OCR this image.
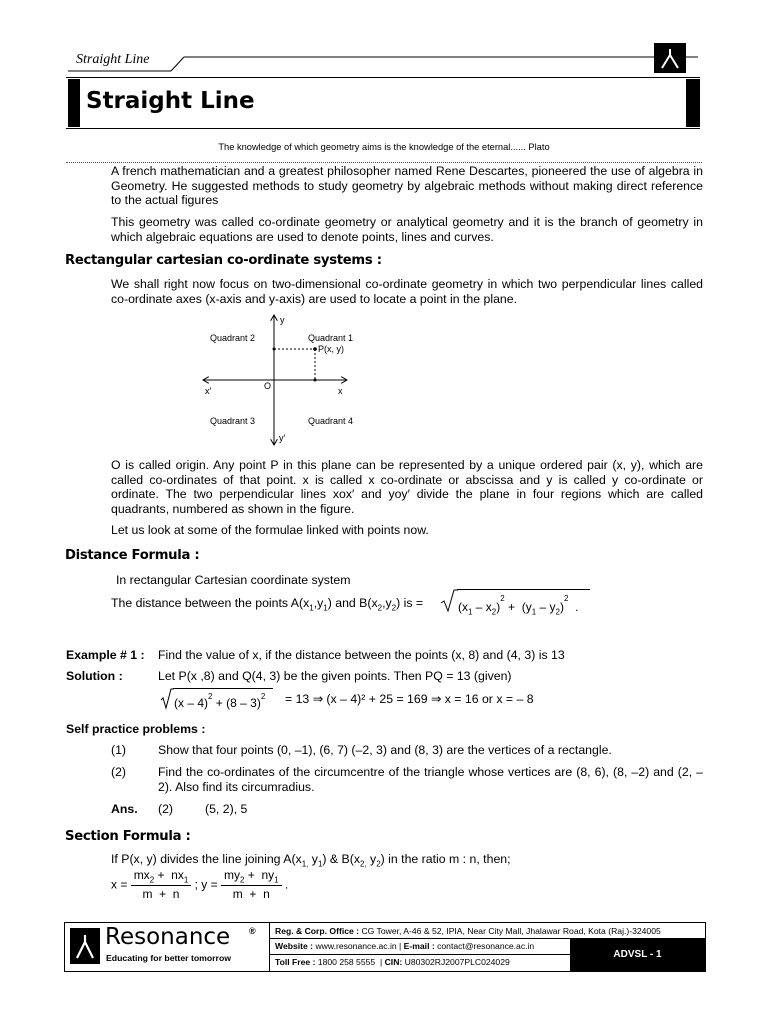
Straight Line
Straight Line
The knowledge of which geometry aims is the knowledge of the eternal...... Plato
A french mathematician and a greatest philosopher named Rene Descartes, pioneered the use of algebra in Geometry. He suggested methods to study geometry by algebraic methods without making direct reference to the actual figures
This geometry was called co-ordinate geometry or analytical geometry and it is the branch of geometry in which algebraic equations are used to denote points, lines and curves.
Rectangular cartesian co-ordinate systems :
We shall right now focus on two-dimensional co-ordinate geometry in which two perpendicular lines called co-ordinate axes (x-axis and y-axis) are used to locate a point in the plane.
Quadrant 2	Quadrant 1
P(x, y)
y
O
x′	x
Quadrant 3	Quadrant 4
y′
O is called origin. Any point P in this plane can be represented by a unique ordered pair (x, y), which are called co-ordinates of that point. x is called x co-ordinate or abscissa and y is called y co-ordinate or ordinate. The two perpendicular lines xox′ and yoy′ divide the plane in four regions which are called quadrants, numbered as shown in the figure.
Let us look at some of the formulae linked with points now.
Distance Formula :
In rectangular Cartesian coordinate system
The distance between the points $A(x_1,y_1)$ and $B(x_2,y_2)$ is =	$(x_1 - x_2)^2 + (y_1 - y_2)^2$  .
Example # 1 : Find the value of x, if the distance between the points (x, 8) and (4, 3) is 13
Solution :	Let P(x ,8) and Q(4, 3) be the given points. Then PQ = 13 (given)
(x – 4)$^2$ + (8 – 3)$^2$ = 13 ⇒ (x – 4)² + 25 = 169 ⇒ x = 16 or x = – 8
Self practice problems :
(1)	Show that four points (0, –1), (6, 7) (–2, 3) and (8, 3) are the vertices of a rectangle.
(2)	Find the co-ordinates of the circumcentre of the triangle whose vertices are (8, 6), (8, –2) and (2, –2). Also find its circumradius.
Ans. (2)	(5, 2), 5
Section Formula :
If P(x, y) divides the line joining $A(x_{1,}$ $y_1$) & $B(x_{2,}$ $y_2$) in the ratio m : n, then;
$x = \frac{mx_2 + nx_1}{m + n}$ ; $y = \frac{my_2 + ny_1}{m + n}$ .
Resonance ®
Educating for better tomorrow
Reg. & Corp. Office : CG Tower, A-46 & 52, IPIA, Near City Mall, Jhalawar Road, Kota (Raj.)-324005
Website : www.resonance.ac.in | E-mail : contact@resonance.ac.in
Toll Free : 1800 258 5555  | CIN: U80302RJ2007PLC024029
ADVSL - 1
